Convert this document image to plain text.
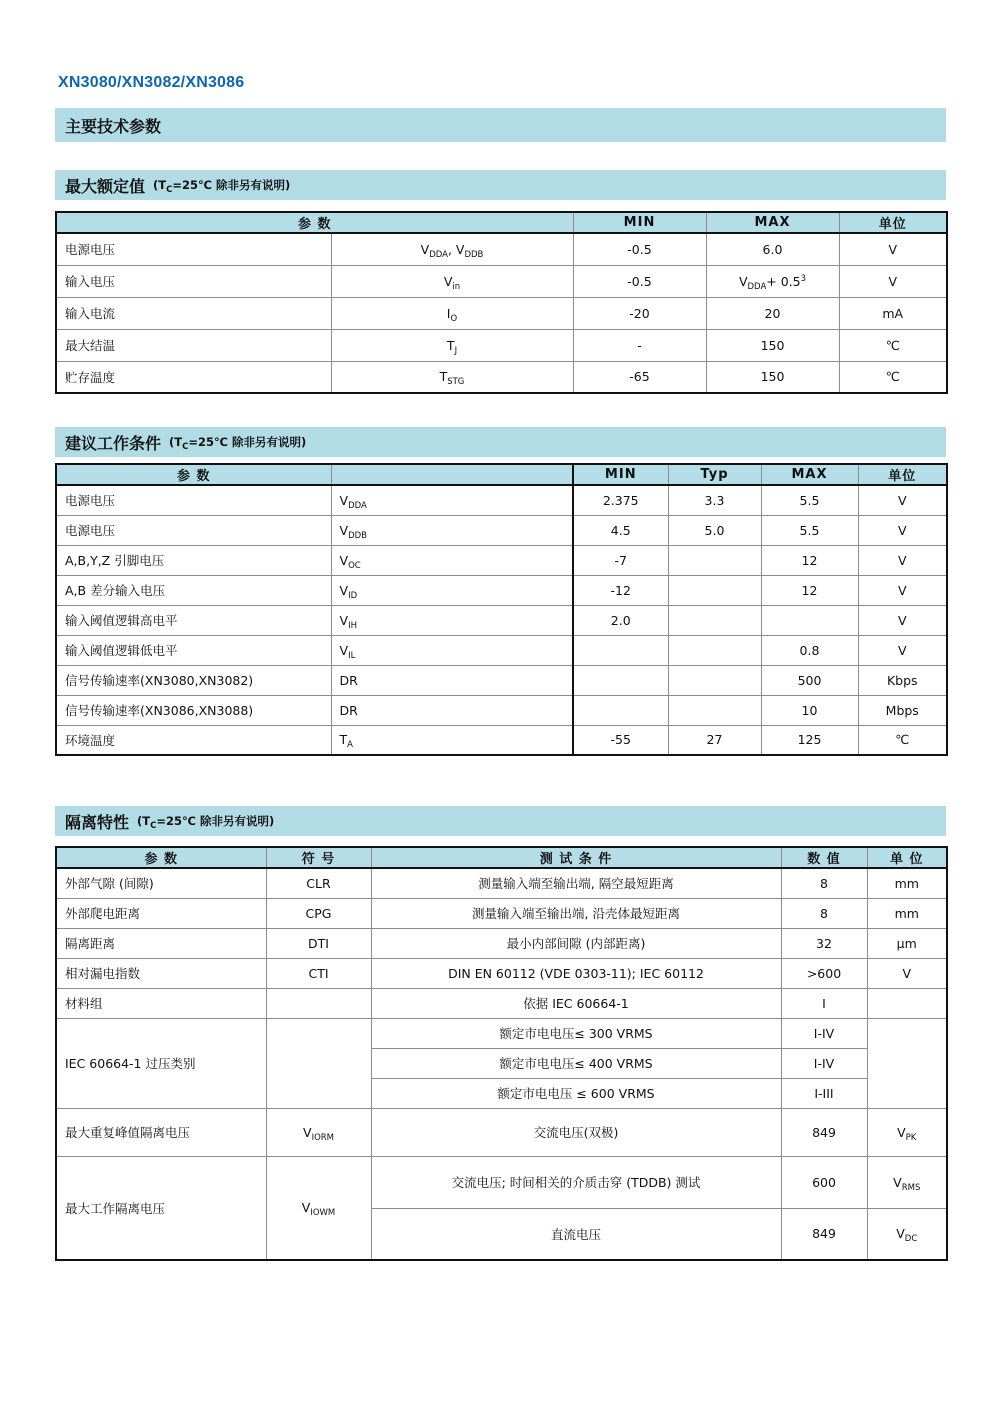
XN3080/XN3082/XN3086
主要技术参数
最大额定值 ($T_C=25℃$ 除非另有说明)
参 数		MIN	MAX	单位
电源电压	$V_{DDA}$, $V_{DDB}$	-0.5	6.0	V
输入电压	$V_{in}$	-0.5	$V_{DDA}+ 0.5^3$	V
输入电流	$I_O$	-20	20	mA
最大结温	$T_J$	-	150	℃
贮存温度	$T_{STG}$	-65	150	℃
建议工作条件 ($T_C=25℃$ 除非另有说明)
参 数		MIN	Typ	MAX	单位
电源电压	$V_{DDA}$	2.375	3.3	5.5	V
电源电压	$V_{DDB}$	4.5	5.0	5.5	V
A,B,Y,Z 引脚电压	$V_{OC}$	-7		12	V
A,B 差分输入电压	$V_{ID}$	-12		12	V
输入阈值逻辑高电平	$V_{IH}$	2.0			V
输入阈值逻辑低电平	$V_{IL}$			0.8	V
信号传输速率(XN3080,XN3082)	DR			500	Kbps
信号传输速率(XN3086,XN3088)	DR			10	Mbps
环境温度	$T_A$	-55	27	125	℃
隔离特性 ($T_C=25℃$ 除非另有说明)
参 数	符 号	测 试 条 件	数 值	单 位
外部气隙 (间隙)	CLR	测量输入端至输出端, 隔空最短距离	8	mm
外部爬电距离	CPG	测量输入端至输出端, 沿壳体最短距离	8	mm
隔离距离	DTI	最小内部间隙 (内部距离)	32	μm
相对漏电指数	CTI	DIN EN 60112 (VDE 0303-11); IEC 60112	>600	V
材料组		依据 IEC 60664-1	I	
IEC 60664-1 过压类别		额定市电电压≤ 300 VRMS	I-IV	
		额定市电电压≤ 400 VRMS	I-IV	
		额定市电电压 ≤ 600 VRMS	I-III	
最大重复峰值隔离电压	$V_{IORM}$	交流电压(双极)	849	$V_{PK}$
最大工作隔离电压	$V_{IOWM}$	交流电压; 时间相关的介质击穿 (TDDB) 测试	600	$V_{RMS}$
		直流电压	849	$V_{DC}$
